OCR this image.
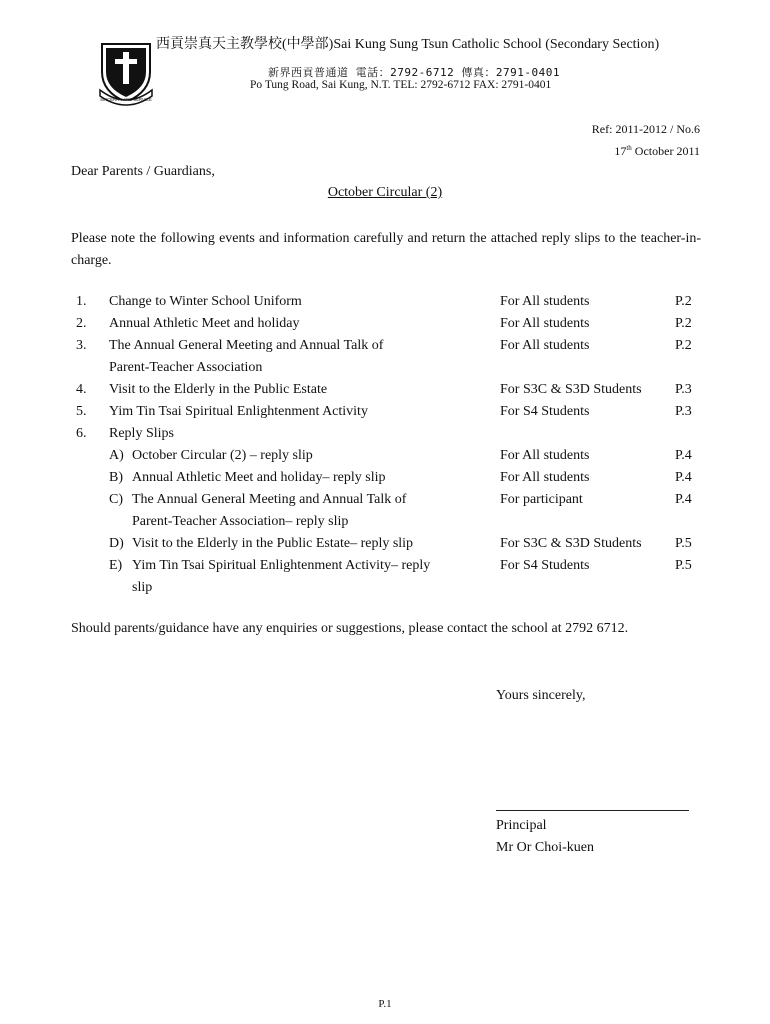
SINCERITY AND SERVICE
西貢崇真天主教學校(中學部)Sai Kung Sung Tsun Catholic School (Secondary Section)
新界西貢普通道 電話：2792-6712 傳真：2791-0401
Po Tung Road, Sai Kung, N.T. TEL: 2792-6712 FAX: 2791-0401
Ref: 2011-2012 / No.6
17th October 2011
Dear Parents / Guardians,
October Circular (2)
Please note the following events and information carefully and return the attached reply slips to the teacher-in-charge.
1.	Change to Winter School Uniform	For All students	P.2
2.	Annual Athletic Meet and holiday	For All students	P.2
3.	The Annual General Meeting and Annual Talk of	For All students	P.2
Parent-Teacher Association
4.	Visit to the Elderly in the Public Estate	For S3C & S3D Students	P.3
5.	Yim Tin Tsai Spiritual Enlightenment Activity	For S4 Students	P.3
6.	Reply Slips
A) October Circular (2) – reply slip	For All students	P.4
B) Annual Athletic Meet and holiday– reply slip	For All students	P.4
C) The Annual General Meeting and Annual Talk of	For participant	P.4
Parent-Teacher Association– reply slip
D) Visit to the Elderly in the Public Estate– reply slip	For S3C & S3D Students	P.5
E) Yim Tin Tsai Spiritual Enlightenment Activity– reply	For S4 Students	P.5
slip
Should parents/guidance have any enquiries or suggestions, please contact the school at 2792 6712.
Yours sincerely,
Principal
Mr Or Choi-kuen
P.1
